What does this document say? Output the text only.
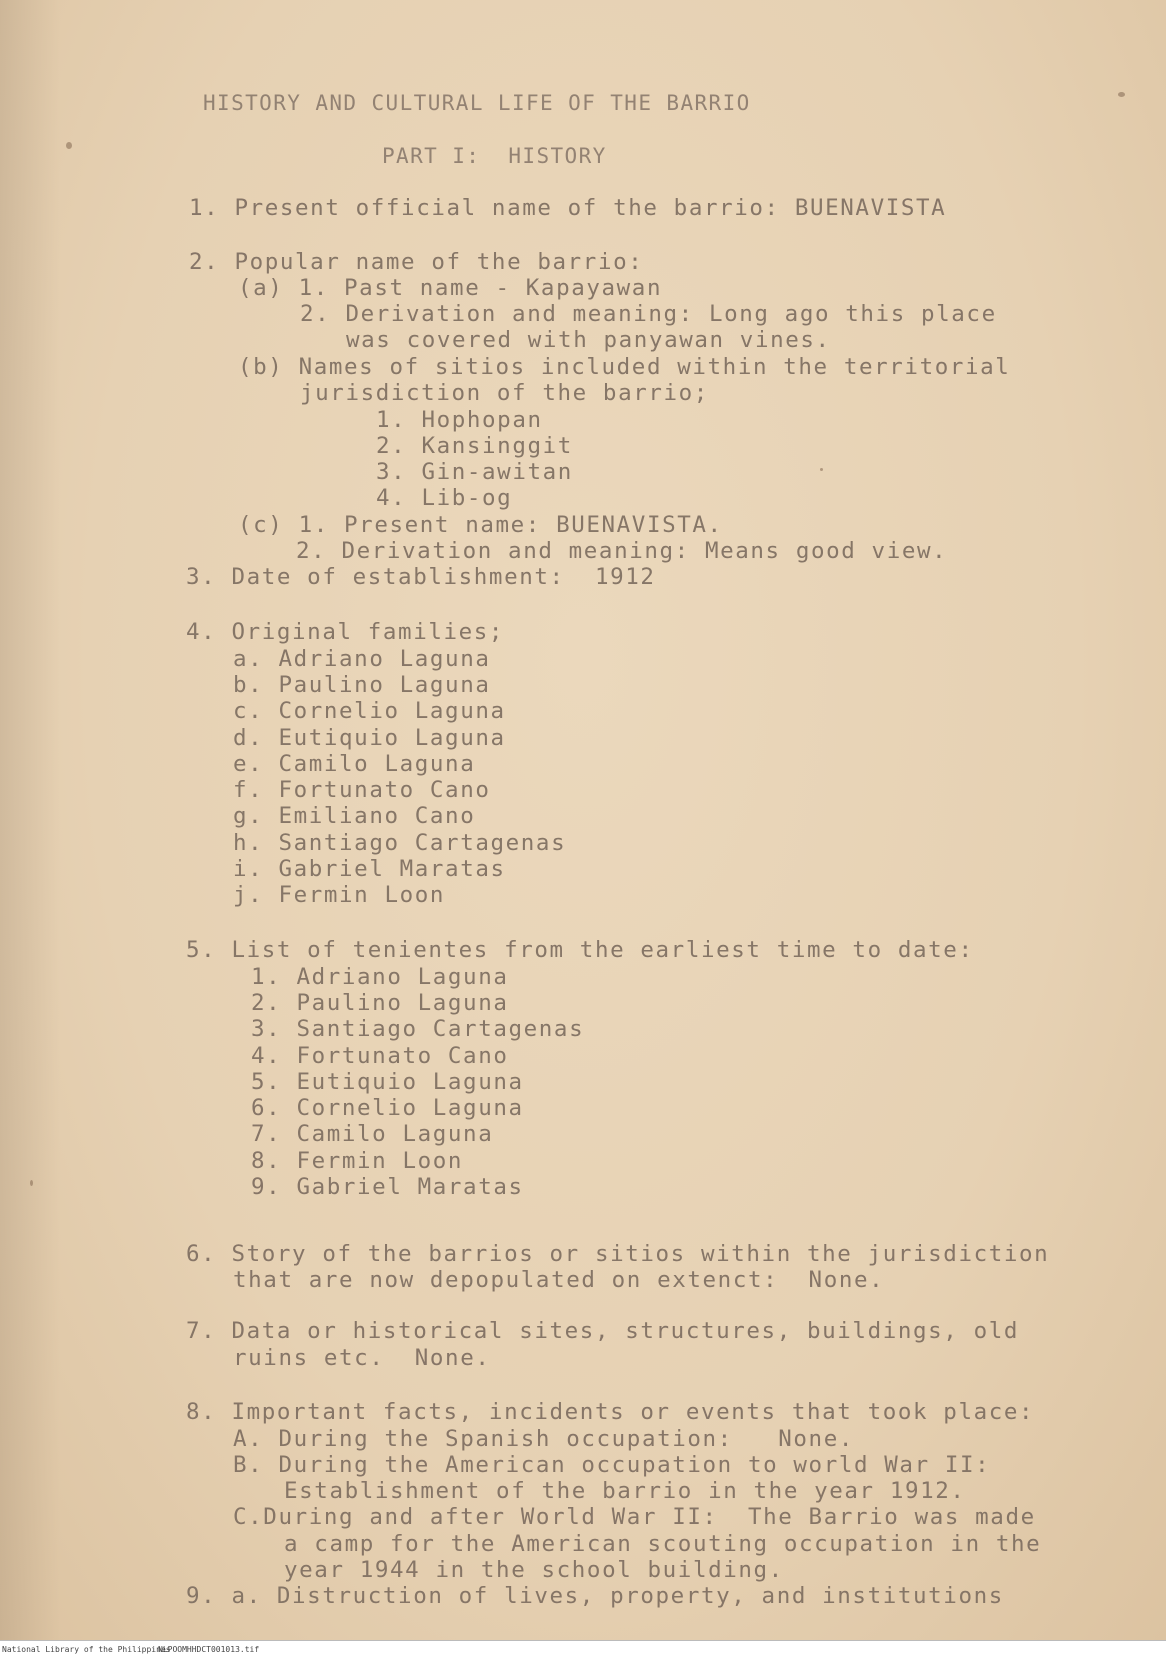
HISTORY AND CULTURAL LIFE OF THE BARRIO
PART I:  HISTORY
1. Present official name of the barrio: BUENAVISTA
2. Popular name of the barrio:
(a) 1. Past name - Kapayawan
2. Derivation and meaning: Long ago this place
was covered with panyawan vines.
(b) Names of sitios included within the territorial
jurisdiction of the barrio;
1. Hophopan
2. Kansinggit
3. Gin-awitan
4. Lib-og
(c) 1. Present name: BUENAVISTA.
2. Derivation and meaning: Means good view.
3. Date of establishment:  1912
4. Original families;
a. Adriano Laguna
b. Paulino Laguna
c. Cornelio Laguna
d. Eutiquio Laguna
e. Camilo Laguna
f. Fortunato Cano
g. Emiliano Cano
h. Santiago Cartagenas
i. Gabriel Maratas
j. Fermin Loon
5. List of tenientes from the earliest time to date:
1. Adriano Laguna
2. Paulino Laguna
3. Santiago Cartagenas
4. Fortunato Cano
5. Eutiquio Laguna
6. Cornelio Laguna
7. Camilo Laguna
8. Fermin Loon
9. Gabriel Maratas
6. Story of the barrios or sitios within the jurisdiction
that are now depopulated on extenct:  None.
7. Data or historical sites, structures, buildings, old
ruins etc.  None.
8. Important facts, incidents or events that took place:
A. During the Spanish occupation:   None.
B. During the American occupation to world War II:
Establishment of the barrio in the year 1912.
C.During and after World War II:  The Barrio was made
a camp for the American scouting occupation in the
year 1944 in the school building.
9. a. Distruction of lives, property, and institutions
National Library of the Philippines
NLPOOMHHDCT001013.tif
